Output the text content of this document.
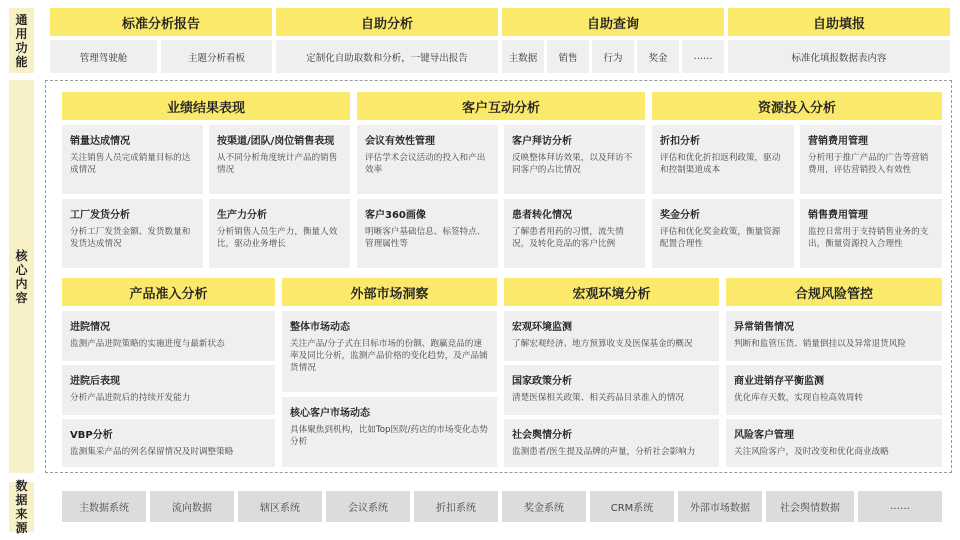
通用功能
核心内容
数据来源
标准分析报告	自助分析	自助查询	自助填报
管理驾驶舱	主题分析看板	定制化自助取数和分析，一键导出报告	主数据	销售	行为	奖金	……	标准化填报数据表内容
业绩结果表现	客户互动分析	资源投入分析
销量达成情况
关注销售人员完成销量目标的达成情况
按渠道/团队/岗位销售表现
从不同分析角度统计产品的销售情况
工厂发货分析
分析工厂发货金额、发货数量和发货达成情况
生产力分析
分析销售人员生产力，衡量人效比，驱动业务增长
会议有效性管理
评估学术会议活动的投入和产出效率
客户拜访分析
反映整体拜访效果，以及拜访不同客户的占比情况
客户360画像
明晰客户基础信息、标签特点、管理属性等
患者转化情况
了解患者用药的习惯，流失情况，及转化竞品的客户比例
折扣分析
评估和优化折扣返利政策，驱动和控制渠道成本
营销费用管理
分析用于推广产品的广告等营销费用，评估营销投入有效性
奖金分析
评估和优化奖金政策，衡量资源配置合理性
销售费用管理
监控日常用于支持销售业务的支出，衡量资源投入合理性
产品准入分析	外部市场洞察	宏观环境分析	合规风险管控
进院情况
监测产品进院策略的实施进度与最新状态
进院后表现
分析产品进院后的持续开发能力
VBP分析
监测集采产品的列名保留情况及时调整策略
整体市场动态
关注产品/分子式在目标市场的份额、跑赢竞品的速率及同比分析，监测产品价格的变化趋势，及产品铺货情况
核心客户市场动态
具体聚焦到机构，比如Top医院/药店的市场变化态势分析
宏观环境监测
了解宏观经济、地方预算收支及医保基金的概况
国家政策分析
清楚医保相关政策、相关药品目录准入的情况
社会舆情分析
监测患者/医生提及品牌的声量，分析社会影响力
异常销售情况
判断和监管压货、销量倒挂以及异常退货风险
商业进销存平衡监测
优化库存天数，实现自检高效周转
风险客户管理
关注风险客户，及时改变和优化商业战略
主数据系统	流向数据	辖区系统	会议系统	折扣系统	奖金系统	CRM系统	外部市场数据	社会舆情数据	……
